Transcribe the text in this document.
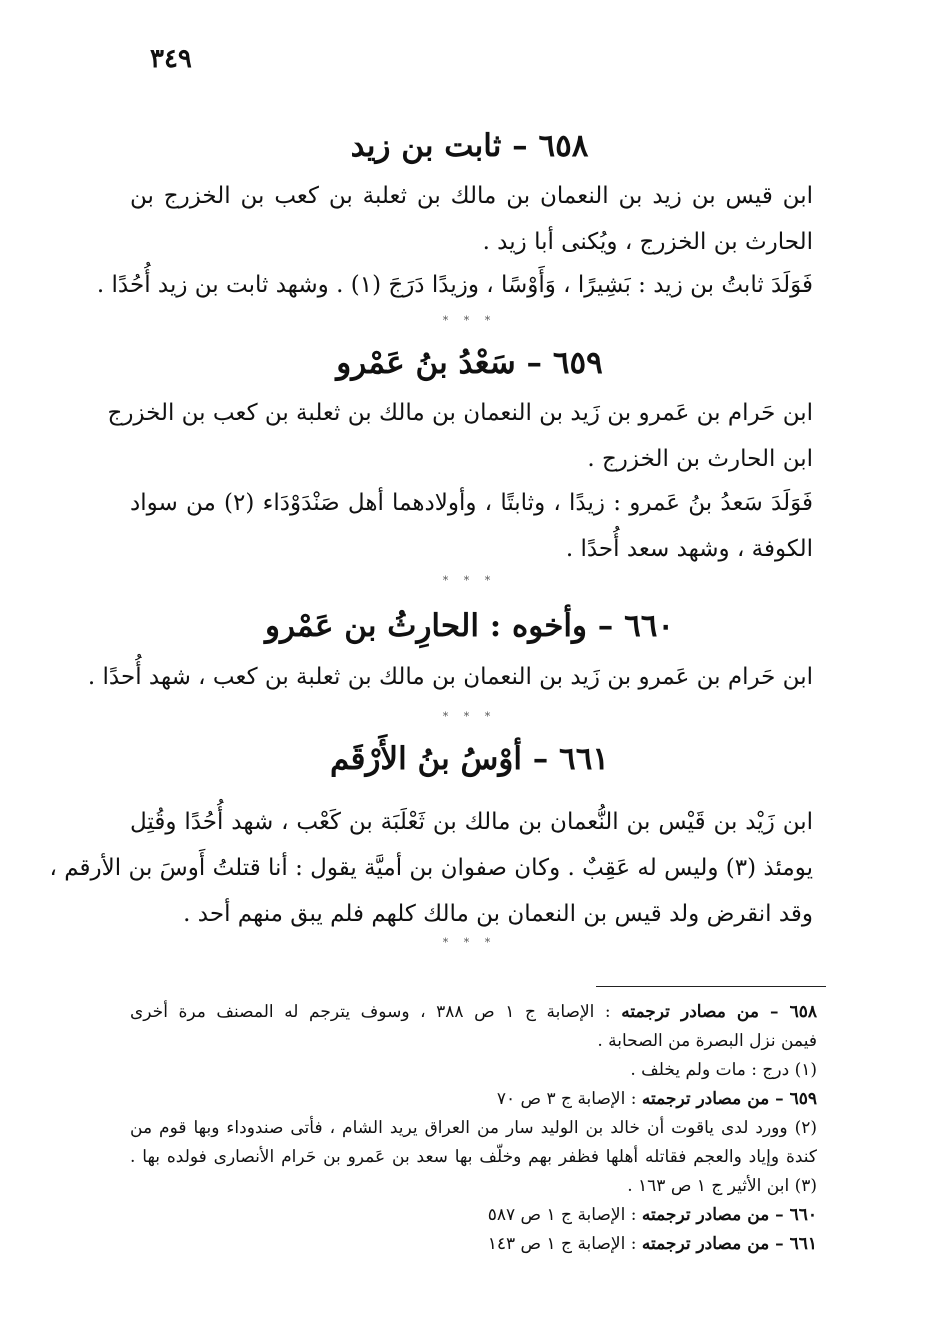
٣٤٩
٦٥٨ – ثابت بن زيد
ابن قيس بن زيد بن النعمان بن مالك بن ثعلبة بن كعب بن الخزرج بن
الحارث بن الخزرج ، ويُكنى أبا زيد .
فَوَلَدَ ثابتُ بن زيد : بَشِيرًا ، وَأَوْسًا ، وزيدًا دَرَجَ (١) . وشهد ثابت بن زيد أُحُدًا .
* * *
٦٥٩ – سَعْدُ بنُ عَمْرو
ابن حَرام بن عَمرو بن زَيد بن النعمان بن مالك بن ثعلبة بن كعب بن الخزرج
ابن الحارث بن الخزرج .
فَوَلَدَ سَعدُ بنُ عَمرو : زيدًا ، وثابتًا ، وأولادهما أهل صَنْدَوْدَاء (٢) من سواد
الكوفة ، وشهد سعد أُحدًا .
* * *
٦٦٠ – وأخوه : الحارِثُ بن عَمْرو
ابن حَرام بن عَمرو بن زَيد بن النعمان بن مالك بن ثعلبة بن كعب ، شهد أُحدًا .
* * *
٦٦١ – أوْسُ بنُ الأَرْقَم
ابن زَيْد بن قَيْس بن النُّعمان بن مالك بن ثَعْلَبَة بن كَعْب ، شهد أُحُدًا وقُتِل
يومئذ (٣) وليس له عَقِبٌ . وكان صفوان بن أميَّة يقول : أنا قتلتُ أَوسَ بن الأرقم ،
وقد انقرض ولد قيس بن النعمان بن مالك كلهم فلم يبق منهم أحد .
* * *
٦٥٨ – من مصادر ترجمته : الإصابة ج ١ ص ٣٨٨ ، وسوف يترجم له المصنف مرة أخرى
فيمن نزل البصرة من الصحابة .
(١) درج : مات ولم يخلف .
٦٥٩ – من مصادر ترجمته : الإصابة ج ٣ ص ٧٠
(٢) وورد لدى ياقوت أن خالد بن الوليد سار من العراق يريد الشام ، فأتى صندوداء وبها قوم من
كندة وإياد والعجم فقاتله أهلها فظفر بهم وخلّف بها سعد بن عَمرو بن حَرام الأنصارى فولده بها .
(٣) ابن الأثير ج ١ ص ١٦٣ .
٦٦٠ – من مصادر ترجمته : الإصابة ج ١ ص ٥٨٧
٦٦١ – من مصادر ترجمته : الإصابة ج ١ ص ١٤٣
